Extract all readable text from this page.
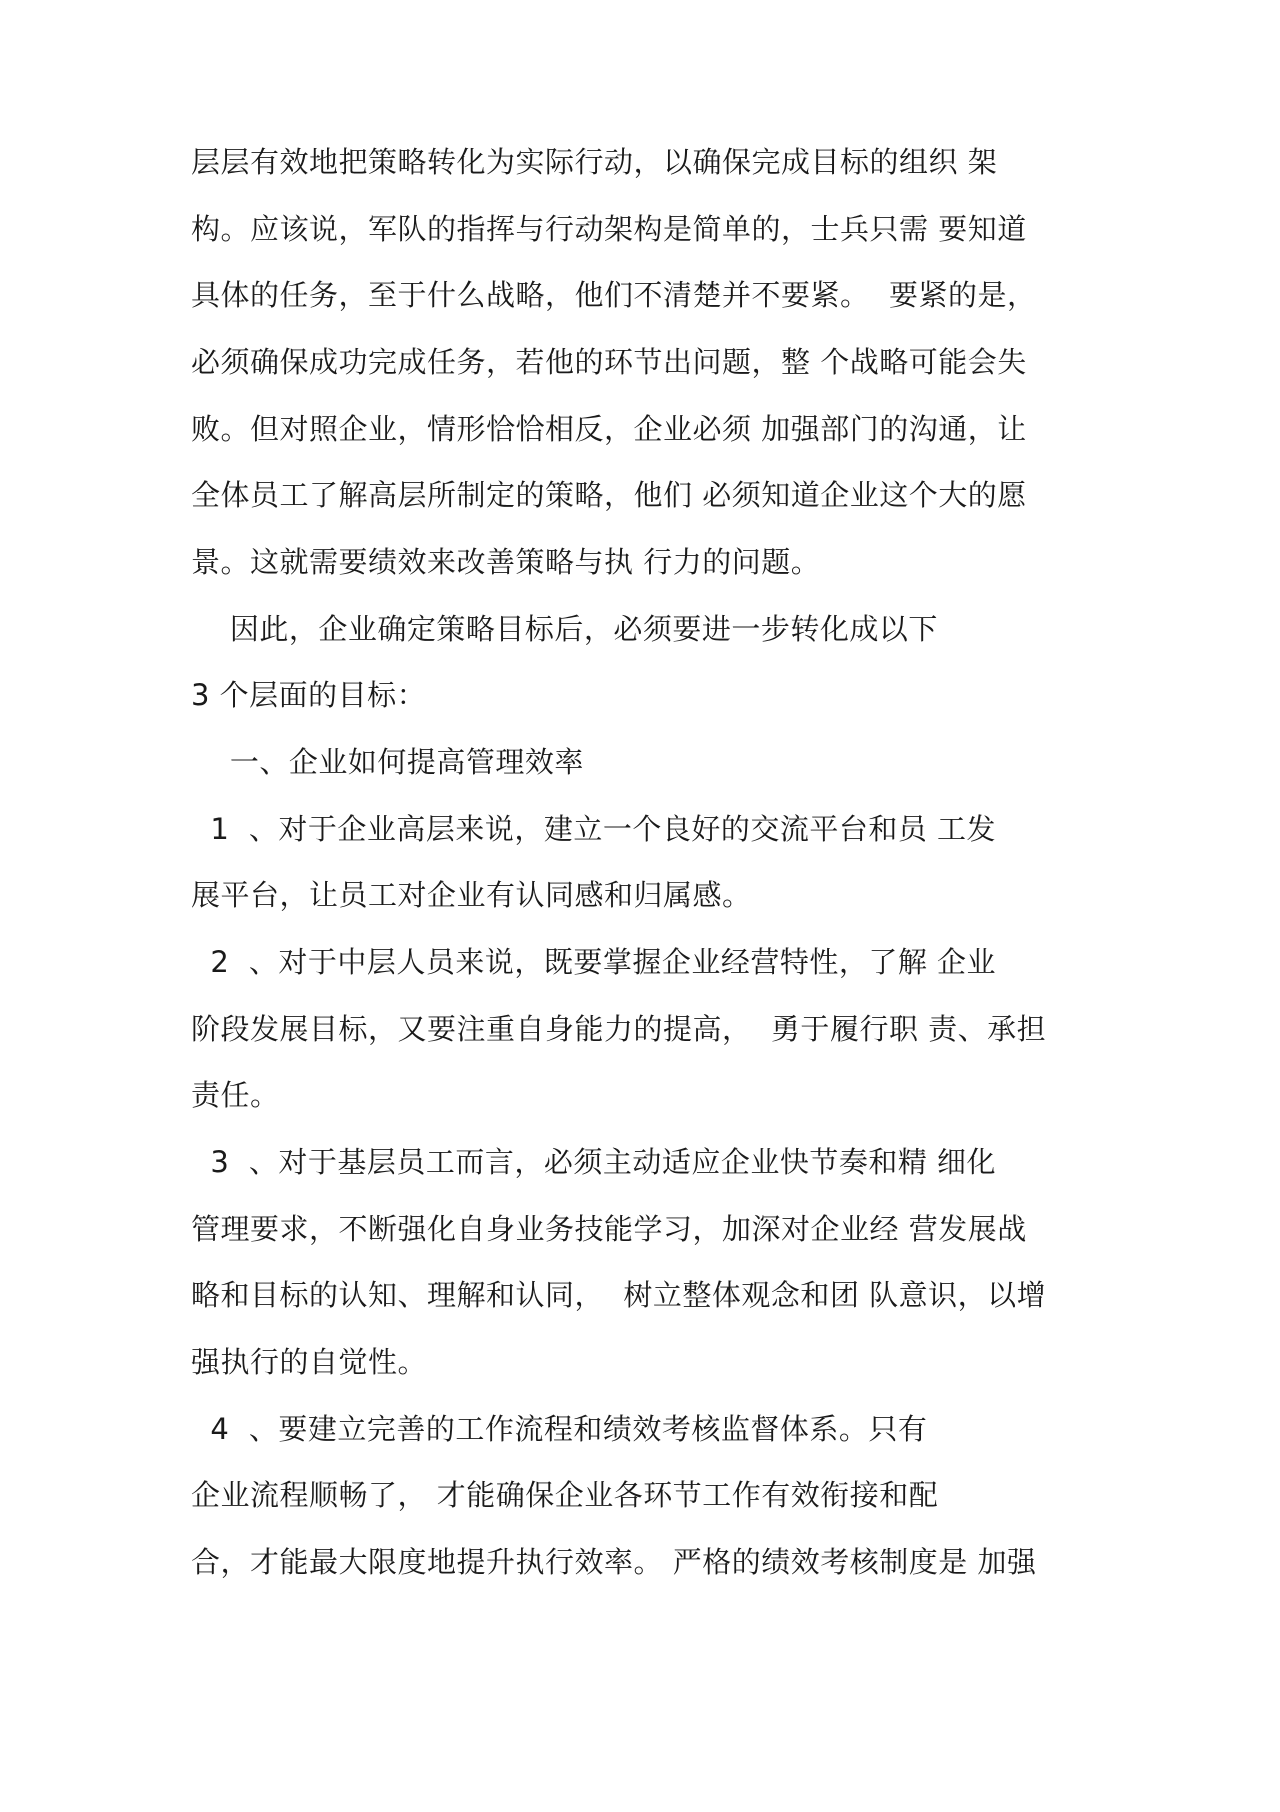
层层有效地把策略转化为实际行动，以确保完成目标的组织 架
构。应该说，军队的指挥与行动架构是简单的，士兵只需 要知道
具体的任务，至于什么战略，他们不清楚并不要紧。  要紧的是，
必须确保成功完成任务，若他的环节出问题，整 个战略可能会失
败。但对照企业，情形恰恰相反，企业必须 加强部门的沟通，让
全体员工了解高层所制定的策略，他们 必须知道企业这个大的愿
景。这就需要绩效来改善策略与执 行力的问题。
因此，企业确定策略目标后，必须要进一步转化成以下
3 个层面的目标：
一、企业如何提高管理效率
1  、对于企业高层来说，建立一个良好的交流平台和员 工发
展平台，让员工对企业有认同感和归属感。
2  、对于中层人员来说，既要掌握企业经营特性，了解 企业
阶段发展目标，又要注重自身能力的提高，  勇于履行职 责、承担
责任。
3  、对于基层员工而言，必须主动适应企业快节奏和精 细化
管理要求，不断强化自身业务技能学习，加深对企业经 营发展战
略和目标的认知、理解和认同，  树立整体观念和团 队意识，以增
强执行的自觉性。
4  、要建立完善的工作流程和绩效考核监督体系。只有
企业流程顺畅了， 才能确保企业各环节工作有效衔接和配
合，才能最大限度地提升执行效率。 严格的绩效考核制度是 加强
